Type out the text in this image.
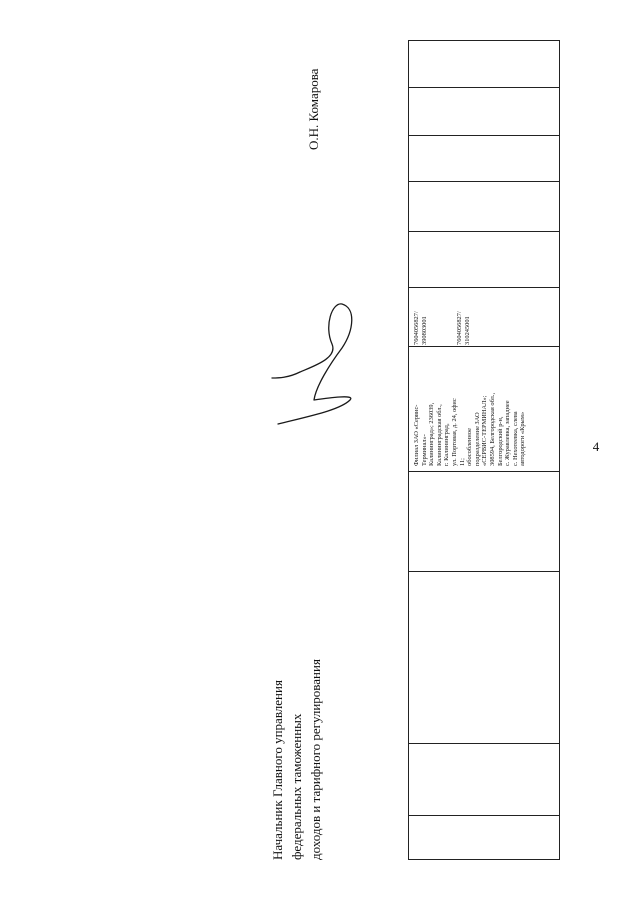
4

Филиал ЗАО «Сервис- Терминал»- Калининград»; 236039, Калининградская обл., г. Калининград, ул. Портовая, д. 24, офис 11; обособленное подразделение ЗАО «СЕРВИС-ТЕРМИНАЛ»; 308594, Белгородская обл., Белгородский р-н, с. Журавлевка, западнее с. Нехотеевка, слева автодороги «Крым»

7604056827/ 390803001	7604056827/ 310245001

Начальник Главного управления федеральных таможенных доходов и тарифного регулирования
О.Н. Комарова
